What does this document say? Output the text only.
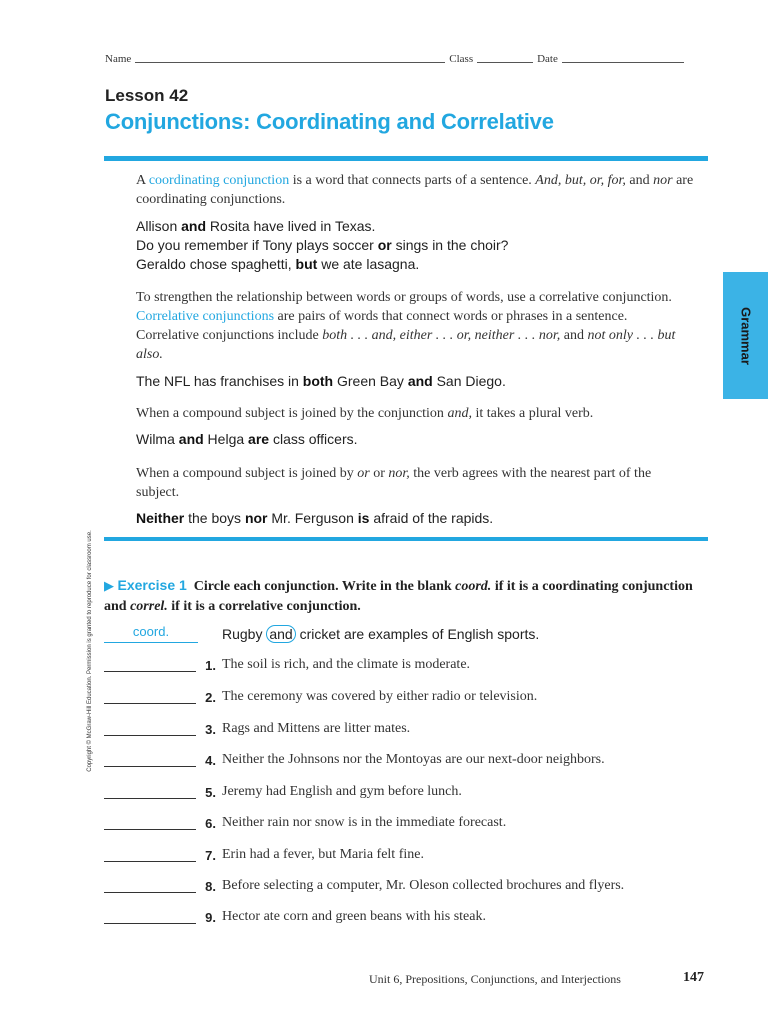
Name	Class	Date
Lesson 42
Conjunctions: Coordinating and Correlative
Grammar
Copyright © McGraw-Hill Education. Permission is granted to reproduce for classroom use.
A coordinating conjunction is a word that connects parts of a sentence. And, but, or, for, and nor are coordinating conjunctions.
Allison and Rosita have lived in Texas.
Do you remember if Tony plays soccer or sings in the choir?
Geraldo chose spaghetti, but we ate lasagna.
To strengthen the relationship between words or groups of words, use a correlative conjunction. Correlative conjunctions are pairs of words that connect words or phrases in a sentence. Correlative conjunctions include both . . . and, either . . . or, neither . . . nor, and not only . . . but also.
The NFL has franchises in both Green Bay and San Diego.
When a compound subject is joined by the conjunction and, it takes a plural verb.
Wilma and Helga are class officers.
When a compound subject is joined by or or nor, the verb agrees with the nearest part of the subject.
Neither the boys nor Mr. Ferguson is afraid of the rapids.
▶ Exercise 1 Circle each conjunction. Write in the blank coord. if it is a coordinating conjunction and correl. if it is a correlative conjunction.
coord.	Rugby and cricket are examples of English sports.
1. The soil is rich, and the climate is moderate.
2. The ceremony was covered by either radio or television.
3. Rags and Mittens are litter mates.
4. Neither the Johnsons nor the Montoyas are our next-door neighbors.
5. Jeremy had English and gym before lunch.
6. Neither rain nor snow is in the immediate forecast.
7. Erin had a fever, but Maria felt fine.
8. Before selecting a computer, Mr. Oleson collected brochures and flyers.
9. Hector ate corn and green beans with his steak.
Unit 6, Prepositions, Conjunctions, and Interjections	147
